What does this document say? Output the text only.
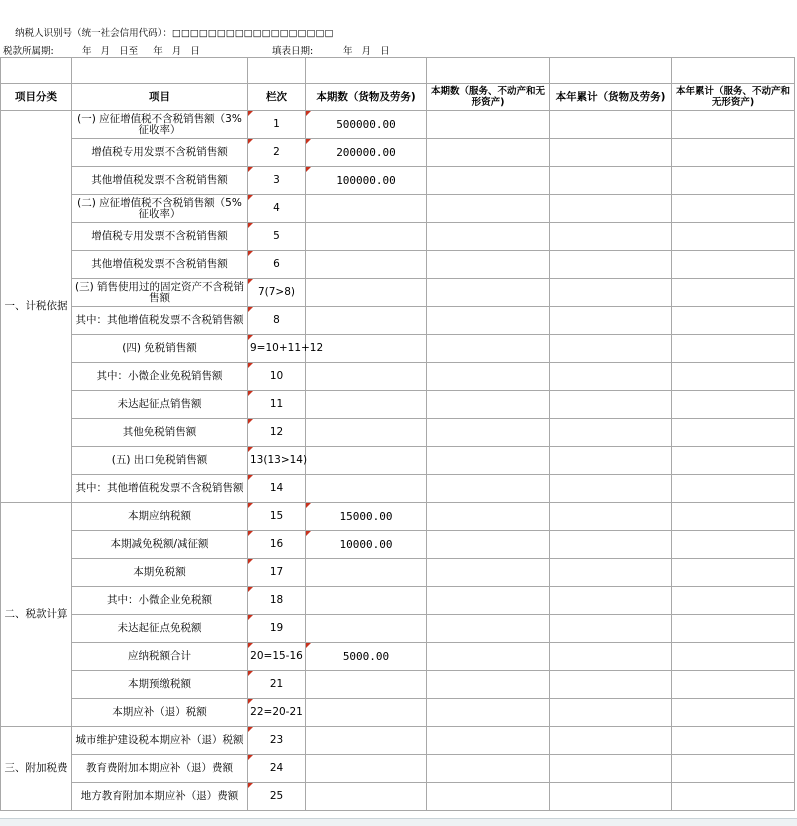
纳税人识别号（统一社会信用代码）：□□□□□□□□□□□□□□□□□□

税款所属期:	年   月   日至     年   月   日	填表日期:	年   月   日

项目分类	项目	栏次	本期数（货物及劳务)	本期数（服务、不动产和无形资产)	本年累计（货物及劳务)	本年累计（服务、不动产和无形资产)
一、计税依据	(一) 应征增值税不含税销售额（3%征收率）	1	500000.00			
	增值税专用发票不含税销售额	2	200000.00			
	其他增值税发票不含税销售额	3	100000.00			
	(二) 应征增值税不含税销售额（5%征收率）	4				
	增值税专用发票不含税销售额	5				
	其他增值税发票不含税销售额	6				
	(三) 销售使用过的固定资产不含税销售额	7(7>8)				
	其中：其他增值税发票不含税销售额	8				
	(四) 免税销售额	9=10+11+12				
	其中：小微企业免税销售额	10				
	未达起征点销售额	11				
	其他免税销售额	12				
	(五) 出口免税销售额	13(13>14)				
	其中：其他增值税发票不含税销售额	14				
二、税款计算	本期应纳税额	15	15000.00			
	本期减免税额/减征额	16	10000.00			
	本期免税额	17				
	其中：小微企业免税额	18				
	未达起征点免税额	19				
	应纳税额合计	20=15-16	5000.00			
	本期预缴税额	21				
	本期应补（退）税额	22=20-21				
三、附加税费	城市维护建设税本期应补（退）税额	23				
	教育费附加本期应补（退）费额	24				
	地方教育附加本期应补（退）费额	25				
